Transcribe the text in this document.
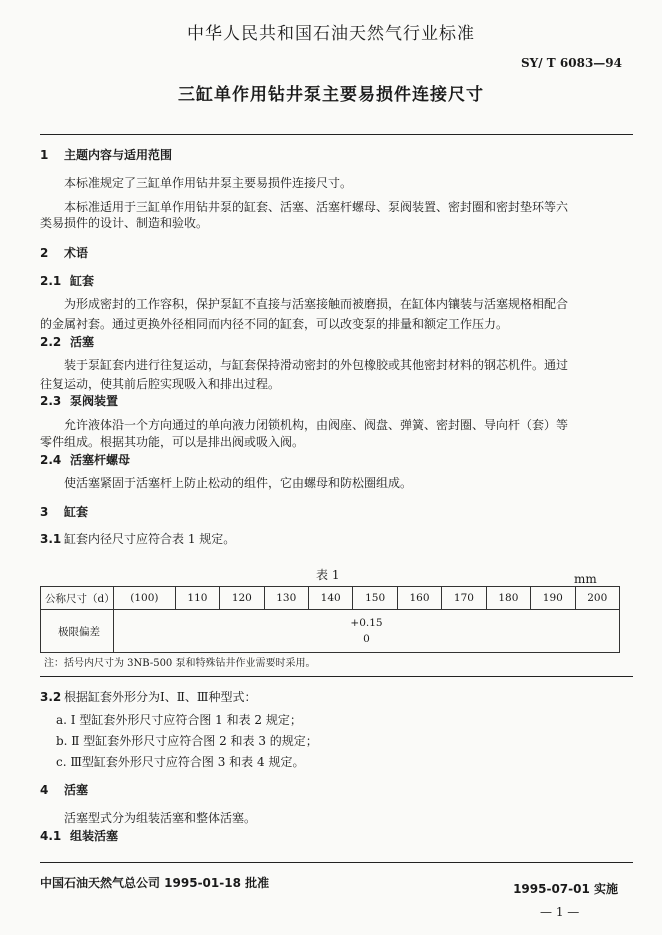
中华人民共和国石油天然气行业标准
SY/ T 6083—94
三缸单作用钻井泵主要易损件连接尺寸
1 主题内容与适用范围
本标准规定了三缸单作用钻井泵主要易损件连接尺寸。
本标准适用于三缸单作用钻井泵的缸套、活塞、活塞杆螺母、泵阀装置、密封圈和密封垫环等六
类易损件的设计、制造和验收。
2 术语
2.1 缸套
为形成密封的工作容积，保护泵缸不直接与活塞接触而被磨损，在缸体内镶装与活塞规格相配合
的金属衬套。通过更换外径相同而内径不同的缸套，可以改变泵的排量和额定工作压力。
2.2 活塞
装于泵缸套内进行往复运动，与缸套保持滑动密封的外包橡胶或其他密封材料的钢芯机件。通过
往复运动，使其前后腔实现吸入和排出过程。
2.3 泵阀装置
允许液体沿一个方向通过的单向液力闭锁机构，由阀座、阀盘、弹簧、密封圈、导向杆（套）等
零件组成。根据其功能，可以是排出阀或吸入阀。
2.4 活塞杆螺母
使活塞紧固于活塞杆上防止松动的组件，它由螺母和防松圈组成。
3 缸套
3.1 缸套内径尺寸应符合表 1 规定。
表 1	mm
公称尺寸（d）	(100)	110	120	130	140	150	160	170	180	190	200
极限偏差	+0.15
0										
注：括号内尺寸为 3NB-500 泵和特殊钻井作业需要时采用。
3.2 根据缸套外形分为Ⅰ、Ⅱ、Ⅲ种型式：
a. Ⅰ 型缸套外形尺寸应符合图 1 和表 2 规定；
b. Ⅱ 型缸套外形尺寸应符合图 2 和表 3 的规定；
c. Ⅲ型缸套外形尺寸应符合图 3 和表 4 规定。
4 活塞
活塞型式分为组装活塞和整体活塞。
4.1 组装活塞
中国石油天然气总公司 1995-01-18 批准	1995-07-01 实施
— 1 —
